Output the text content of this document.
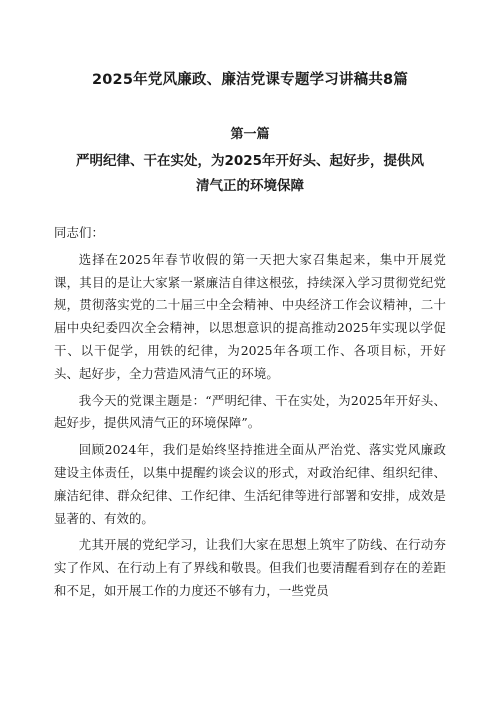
2025年党风廉政、廉洁党课专题学习讲稿共8篇
第一篇
严明纪律、干在实处，为2025年开好头、起好步，提供风清气正的环境保障

同志们：

选择在2025年春节收假的第一天把大家召集起来，集中开展党课，其目的是让大家紧一紧廉洁自律这根弦，持续深入学习贯彻党纪党规，贯彻落实党的二十届三中全会精神、中央经济工作会议精神，二十届中央纪委四次全会精神，以思想意识的提高推动2025年实现以学促干、以干促学，用铁的纪律，为2025年各项工作、各项目标，开好头、起好步，全力营造风清气正的环境。

我今天的党课主题是：“严明纪律、干在实处，为2025年开好头、起好步，提供风清气正的环境保障”。

回顾2024年，我们是始终坚持推进全面从严治党、落实党风廉政建设主体责任，以集中提醒约谈会议的形式，对政治纪律、组织纪律、廉洁纪律、群众纪律、工作纪律、生活纪律等进行部署和安排，成效是显著的、有效的。

尤其开展的党纪学习，让我们大家在思想上筑牢了防线、在行动夯实了作风、在行动上有了界线和敬畏。但我们也要清醒看到存在的差距和不足，如开展工作的力度还不够有力，一些党员
